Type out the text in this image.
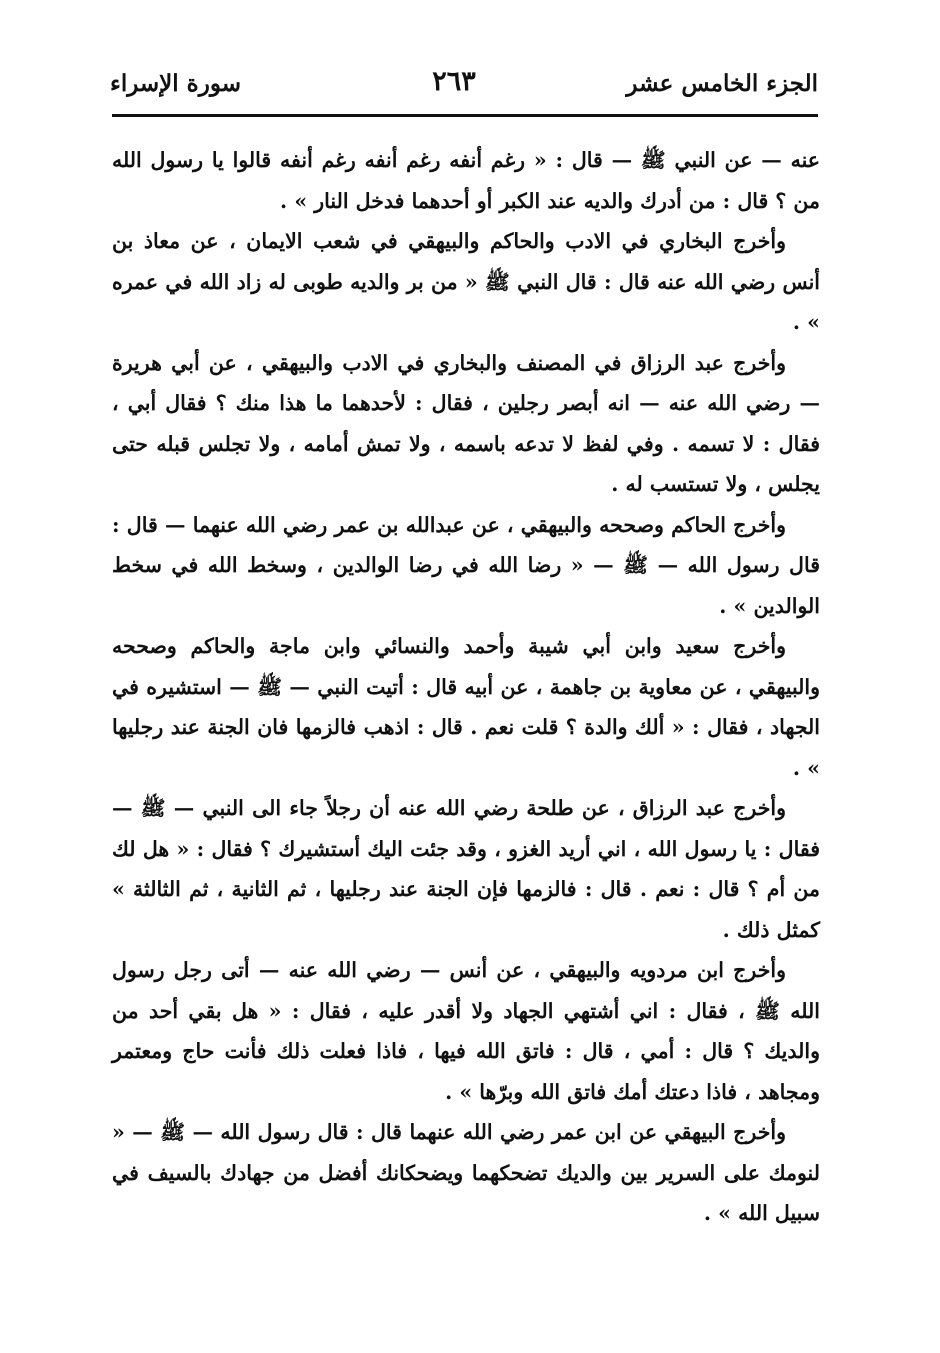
الجزء الخامس عشر
٢٦٣
سورة الإسراء

عنه — عن النبي ﷺ — قال : « رغم أنفه رغم أنفه رغم أنفه قالوا يا رسول الله من ؟ قال : من أدرك والديه عند الكبر أو أحدهما فدخل النار » .

وأخرج البخاري في الادب والحاكم والبيهقي في شعب الايمان ، عن معاذ بن أنس رضي الله عنه قال : قال النبي ﷺ « من بر والديه طوبى له زاد الله في عمره » .

وأخرج عبد الرزاق في المصنف والبخاري في الادب والبيهقي ، عن أبي هريرة — رضي الله عنه — انه أبصر رجلين ، فقال : لأحدهما ما هذا منك ؟ فقال أبي ، فقال : لا تسمه . وفي لفظ لا تدعه باسمه ، ولا تمش أمامه ، ولا تجلس قبله حتى يجلس ، ولا تستسب له .

وأخرج الحاكم وصححه والبيهقي ، عن عبدالله بن عمر رضي الله عنهما — قال : قال رسول الله — ﷺ — « رضا الله في رضا الوالدين ، وسخط الله في سخط الوالدين » .

وأخرج سعيد وابن أبي شيبة وأحمد والنسائي وابن ماجة والحاكم وصححه والبيهقي ، عن معاوية بن جاهمة ، عن أبيه قال : أتيت النبي — ﷺ — استشيره في الجهاد ، فقال : « ألك والدة ؟ قلت نعم . قال : اذهب فالزمها فان الجنة عند رجليها » .

وأخرج عبد الرزاق ، عن طلحة رضي الله عنه أن رجلاً جاء الى النبي — ﷺ — فقال : يا رسول الله ، اني أريد الغزو ، وقد جئت اليك أستشيرك ؟ فقال : « هل لك من أم ؟ قال : نعم . قال : فالزمها فإن الجنة عند رجليها ، ثم الثانية ، ثم الثالثة » كمثل ذلك .

وأخرج ابن مردويه والبيهقي ، عن أنس — رضي الله عنه — أتى رجل رسول الله ﷺ ، فقال : اني أشتهي الجهاد ولا أقدر عليه ، فقال : « هل بقي أحد من والديك ؟ قال : أمي ، قال : فاتق الله فيها ، فاذا فعلت ذلك فأنت حاج ومعتمر ومجاهد ، فاذا دعتك أمك فاتق الله وبرّها » .

وأخرج البيهقي عن ابن عمر رضي الله عنهما قال : قال رسول الله — ﷺ — « لنومك على السرير بين والديك تضحكهما ويضحكانك أفضل من جهادك بالسيف في سبيل الله » .
